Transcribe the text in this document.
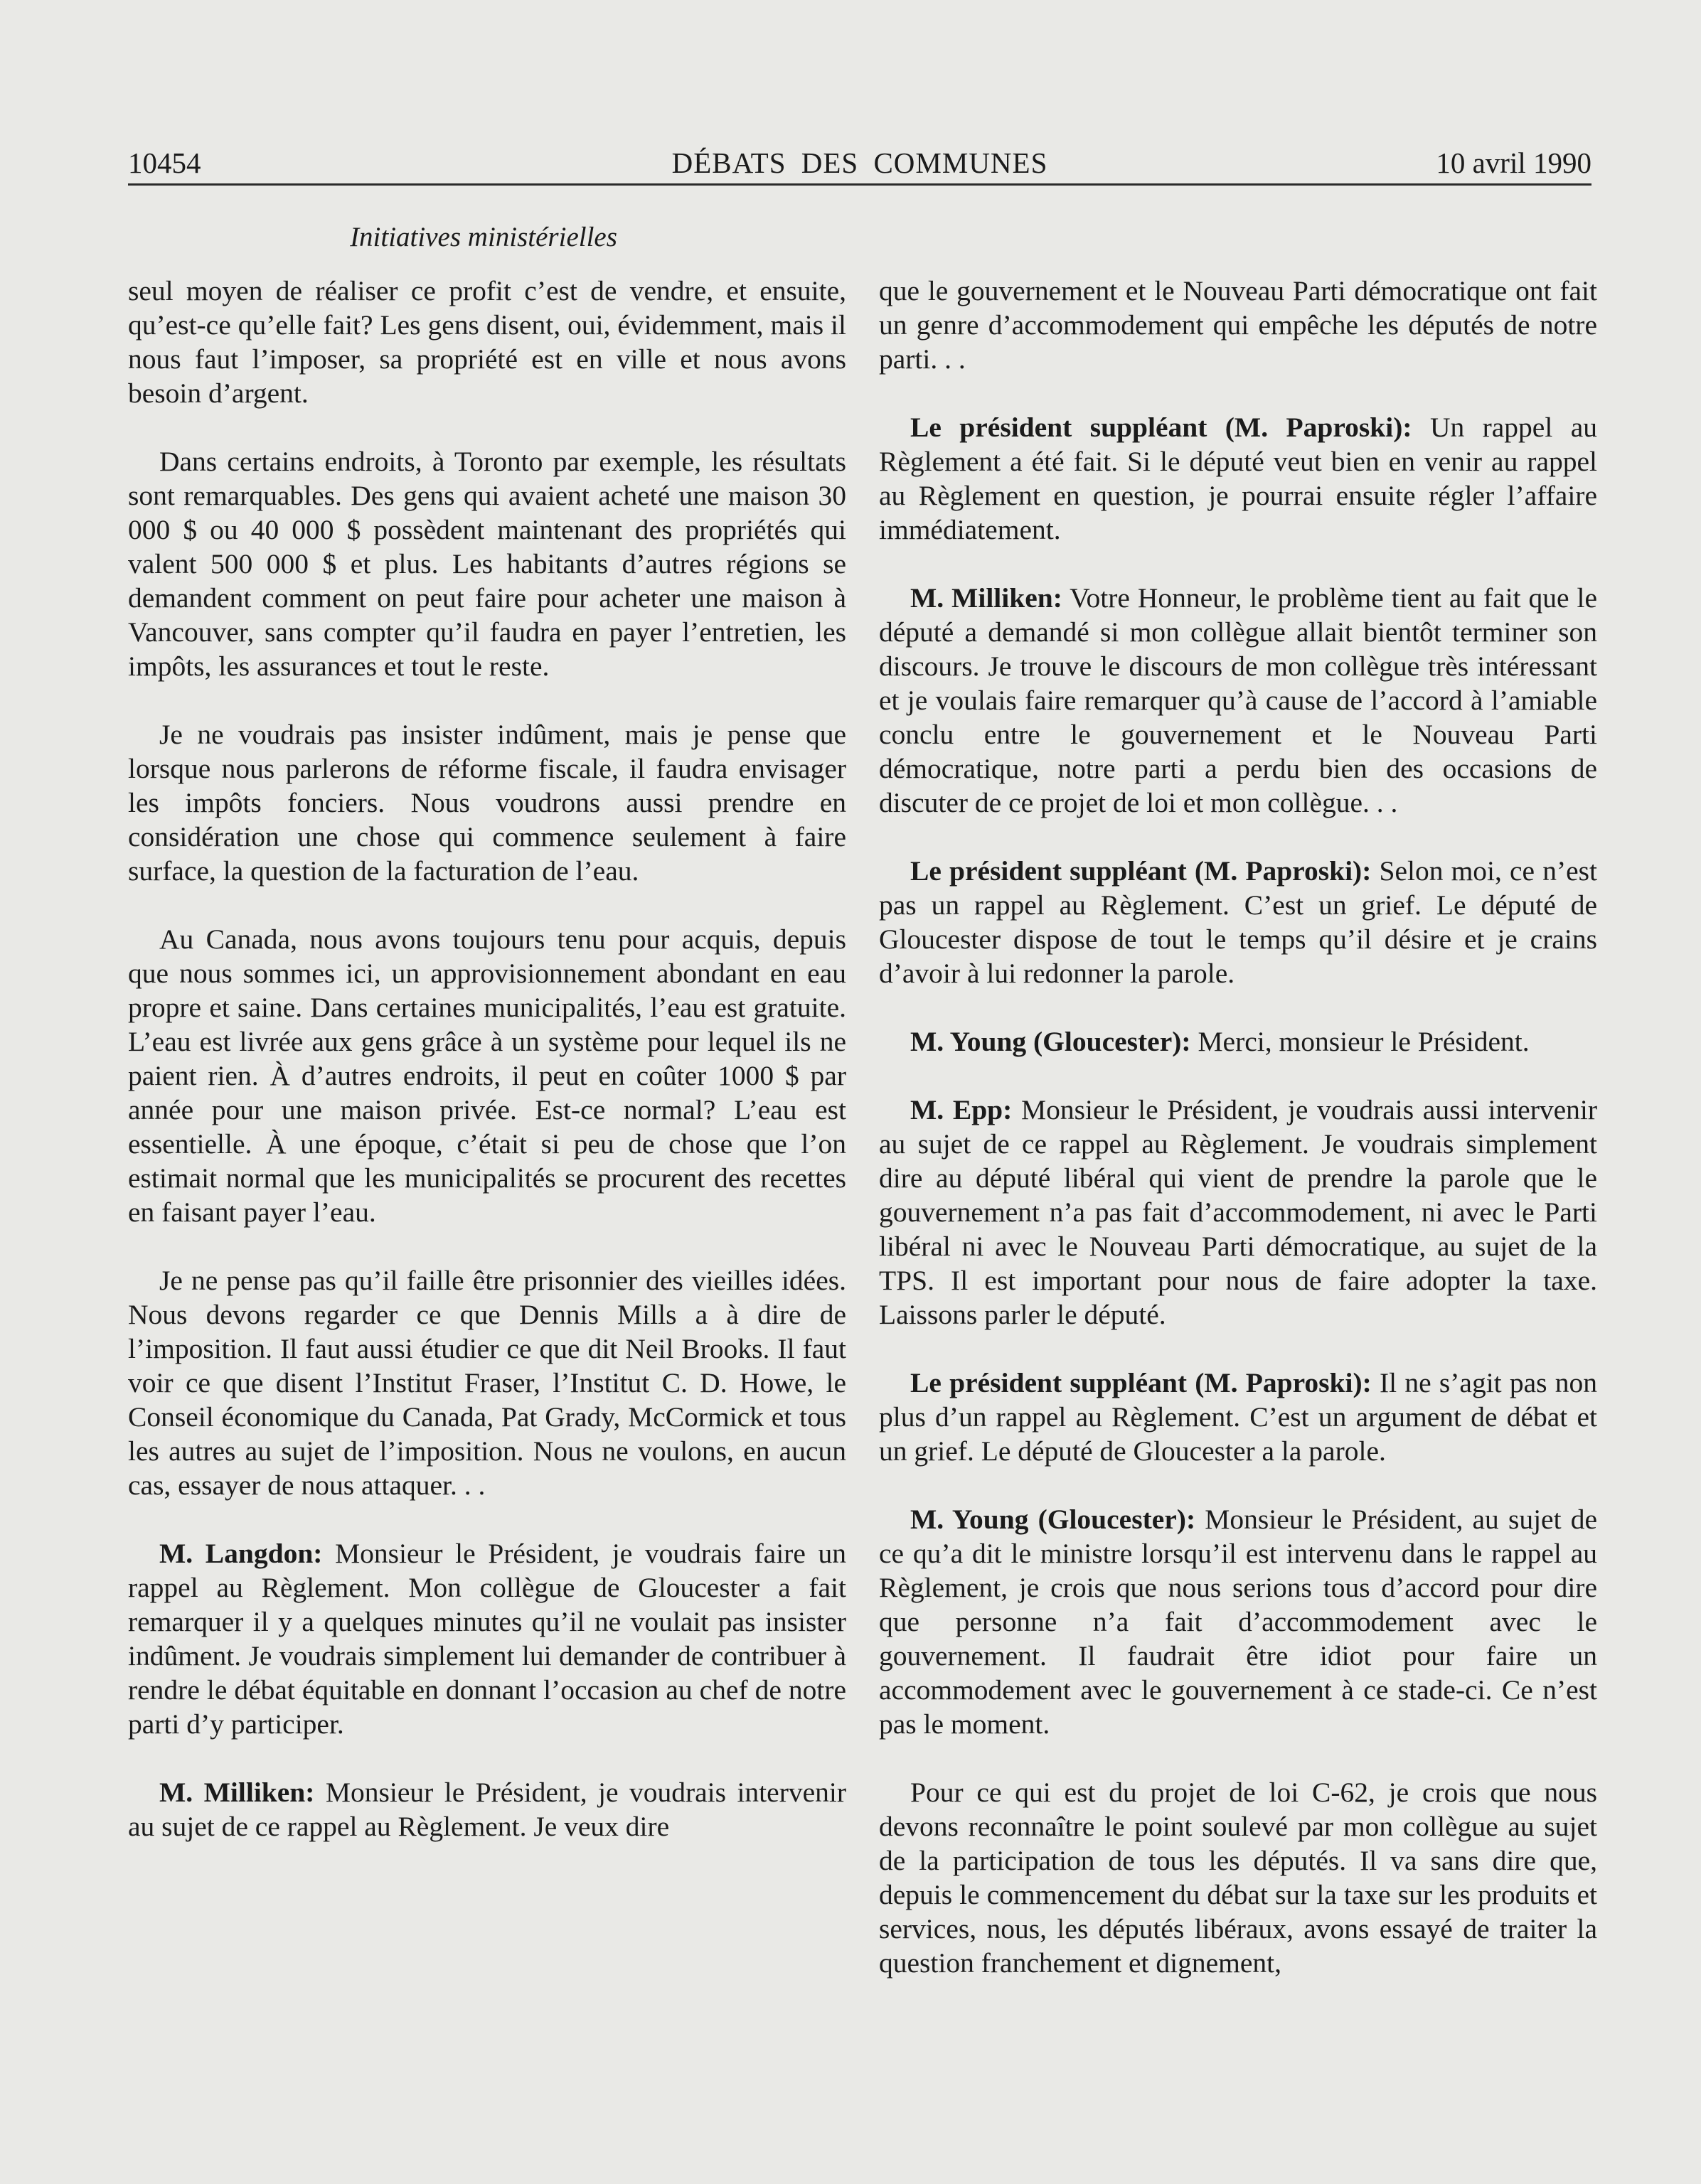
10454	DÉBATS DES COMMUNES	10 avril 1990
Initiatives ministérielles

seul moyen de réaliser ce profit c’est de vendre, et ensuite, qu’est-ce qu’elle fait? Les gens disent, oui, évidemment, mais il nous faut l’imposer, sa propriété est en ville et nous avons besoin d’argent.

Dans certains endroits, à Toronto par exemple, les résultats sont remarquables. Des gens qui avaient acheté une maison 30 000 $ ou 40 000 $ possèdent maintenant des propriétés qui valent 500 000 $ et plus. Les habitants d’autres régions se demandent comment on peut faire pour acheter une maison à Vancouver, sans compter qu’il faudra en payer l’entretien, les impôts, les assurances et tout le reste.

Je ne voudrais pas insister indûment, mais je pense que lorsque nous parlerons de réforme fiscale, il faudra envisager les impôts fonciers. Nous voudrons aussi prendre en considération une chose qui commence seulement à faire surface, la question de la facturation de l’eau.

Au Canada, nous avons toujours tenu pour acquis, depuis que nous sommes ici, un approvisionnement abondant en eau propre et saine. Dans certaines municipalités, l’eau est gratuite. L’eau est livrée aux gens grâce à un système pour lequel ils ne paient rien. À d’autres endroits, il peut en coûter 1000 $ par année pour une maison privée. Est-ce normal? L’eau est essentielle. À une époque, c’était si peu de chose que l’on estimait normal que les municipalités se procurent des recettes en faisant payer l’eau.

Je ne pense pas qu’il faille être prisonnier des vieilles idées. Nous devons regarder ce que Dennis Mills a à dire de l’imposition. Il faut aussi étudier ce que dit Neil Brooks. Il faut voir ce que disent l’Institut Fraser, l’Institut C. D. Howe, le Conseil économique du Canada, Pat Grady, McCormick et tous les autres au sujet de l’imposition. Nous ne voulons, en aucun cas, essayer de nous attaquer. . .

M. Langdon: Monsieur le Président, je voudrais faire un rappel au Règlement. Mon collègue de Gloucester a fait remarquer il y a quelques minutes qu’il ne voulait pas insister indûment. Je voudrais simplement lui demander de contribuer à rendre le débat équitable en donnant l’occasion au chef de notre parti d’y participer.

M. Milliken: Monsieur le Président, je voudrais intervenir au sujet de ce rappel au Règlement. Je veux dire

que le gouvernement et le Nouveau Parti démocratique ont fait un genre d’accommodement qui empêche les députés de notre parti. . .

Le président suppléant (M. Paproski): Un rappel au Règlement a été fait. Si le député veut bien en venir au rappel au Règlement en question, je pourrai ensuite régler l’affaire immédiatement.

M. Milliken: Votre Honneur, le problème tient au fait que le député a demandé si mon collègue allait bientôt terminer son discours. Je trouve le discours de mon collègue très intéressant et je voulais faire remarquer qu’à cause de l’accord à l’amiable conclu entre le gouvernement et le Nouveau Parti démocratique, notre parti a perdu bien des occasions de discuter de ce projet de loi et mon collègue. . .

Le président suppléant (M. Paproski): Selon moi, ce n’est pas un rappel au Règlement. C’est un grief. Le député de Gloucester dispose de tout le temps qu’il désire et je crains d’avoir à lui redonner la parole.

M. Young (Gloucester): Merci, monsieur le Président.

M. Epp: Monsieur le Président, je voudrais aussi intervenir au sujet de ce rappel au Règlement. Je voudrais simplement dire au député libéral qui vient de prendre la parole que le gouvernement n’a pas fait d’accommodement, ni avec le Parti libéral ni avec le Nouveau Parti démocratique, au sujet de la TPS. Il est important pour nous de faire adopter la taxe. Laissons parler le député.

Le président suppléant (M. Paproski): Il ne s’agit pas non plus d’un rappel au Règlement. C’est un argument de débat et un grief. Le député de Gloucester a la parole.

M. Young (Gloucester): Monsieur le Président, au sujet de ce qu’a dit le ministre lorsqu’il est intervenu dans le rappel au Règlement, je crois que nous serions tous d’accord pour dire que personne n’a fait d’accommodement avec le gouvernement. Il faudrait être idiot pour faire un accommodement avec le gouvernement à ce stade-ci. Ce n’est pas le moment.

Pour ce qui est du projet de loi C-62, je crois que nous devons reconnaître le point soulevé par mon collègue au sujet de la participation de tous les députés. Il va sans dire que, depuis le commencement du débat sur la taxe sur les produits et services, nous, les députés libéraux, avons essayé de traiter la question franchement et dignement,
